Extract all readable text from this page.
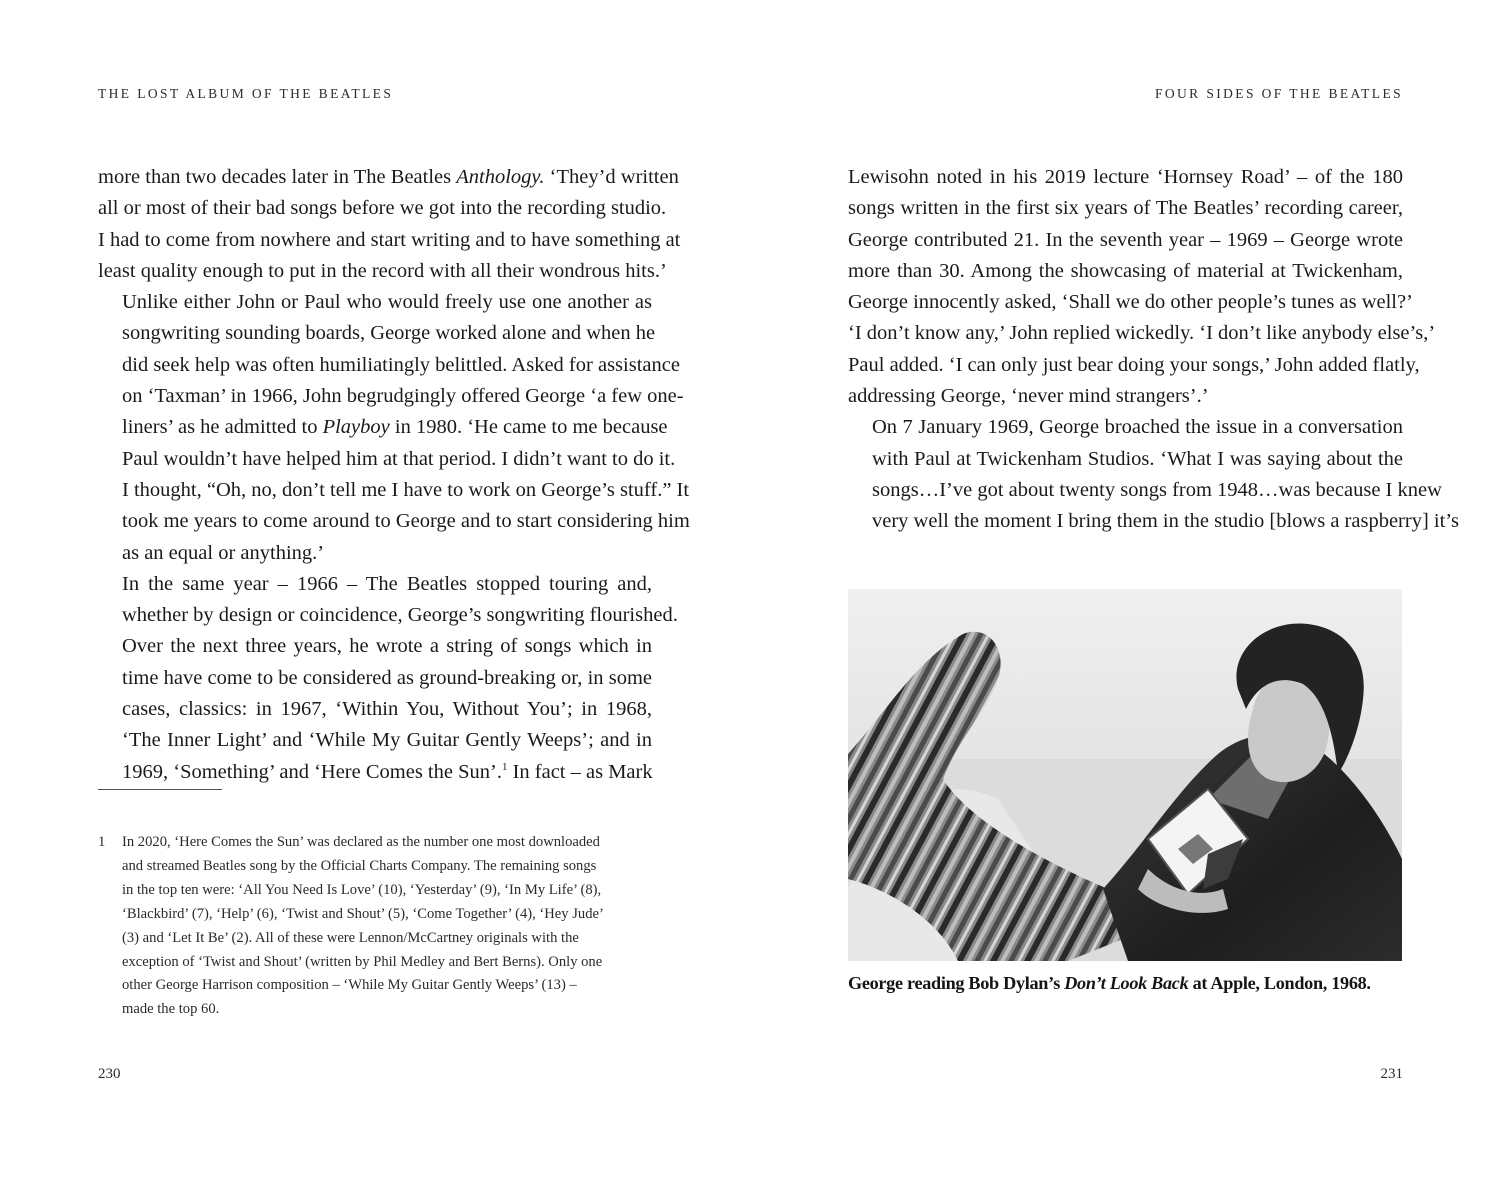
THE LOST ALBUM OF THE BEATLES

more than two decades later in The Beatles Anthology. ‘They’d written
all or most of their bad songs before we got into the recording studio.
I had to come from nowhere and start writing and to have something at
least quality enough to put in the record with all their wondrous hits.’

Unlike either John or Paul who would freely use one another as
songwriting sounding boards, George worked alone and when he
did seek help was often humiliatingly belittled. Asked for assistance
on ‘Taxman’ in 1966, John begrudgingly offered George ‘a few one-
liners’ as he admitted to Playboy in 1980. ‘He came to me because
Paul wouldn’t have helped him at that period. I didn’t want to do it.
I thought, “Oh, no, don’t tell me I have to work on George’s stuff.” It
took me years to come around to George and to start considering him
as an equal or anything.’

In the same year – 1966 – The Beatles stopped touring and,
whether by design or coincidence, George’s songwriting flourished.
Over the next three years, he wrote a string of songs which in
time have come to be considered as ground-breaking or, in some
cases, classics: in 1967, ‘Within You, Without You’; in 1968,
‘The Inner Light’ and ‘While My Guitar Gently Weeps’; and in
1969, ‘Something’ and ‘Here Comes the Sun’.$^1$ In fact – as Mark

1 In 2020, ‘Here Comes the Sun’ was declared as the number one most downloaded
and streamed Beatles song by the Official Charts Company. The remaining songs
in the top ten were: ‘All You Need Is Love’ (10), ‘Yesterday’ (9), ‘In My Life’ (8),
‘Blackbird’ (7), ‘Help’ (6), ‘Twist and Shout’ (5), ‘Come Together’ (4), ‘Hey Jude’
(3) and ‘Let It Be’ (2). All of these were Lennon/McCartney originals with the
exception of ‘Twist and Shout’ (written by Phil Medley and Bert Berns). Only one
other George Harrison composition – ‘While My Guitar Gently Weeps’ (13) –
made the top 60.
230
FOUR SIDES OF THE BEATLES

Lewisohn noted in his 2019 lecture ‘Hornsey Road’ – of the 180
songs written in the first six years of The Beatles’ recording career,
George contributed 21. In the seventh year – 1969 – George wrote
more than 30. Among the showcasing of material at Twickenham,
George innocently asked, ‘Shall we do other people’s tunes as well?’
‘I don’t know any,’ John replied wickedly. ‘I don’t like anybody else’s,’
Paul added. ‘I can only just bear doing your songs,’ John added flatly,
addressing George, ‘never mind strangers’.’

On 7 January 1969, George broached the issue in a conversation
with Paul at Twickenham Studios. ‘What I was saying about the
songs…I’ve got about twenty songs from 1948…was because I knew
very well the moment I bring them in the studio [blows a raspberry] it’s

George reading Bob Dylan’s Don’t Look Back at Apple, London, 1968.
231
